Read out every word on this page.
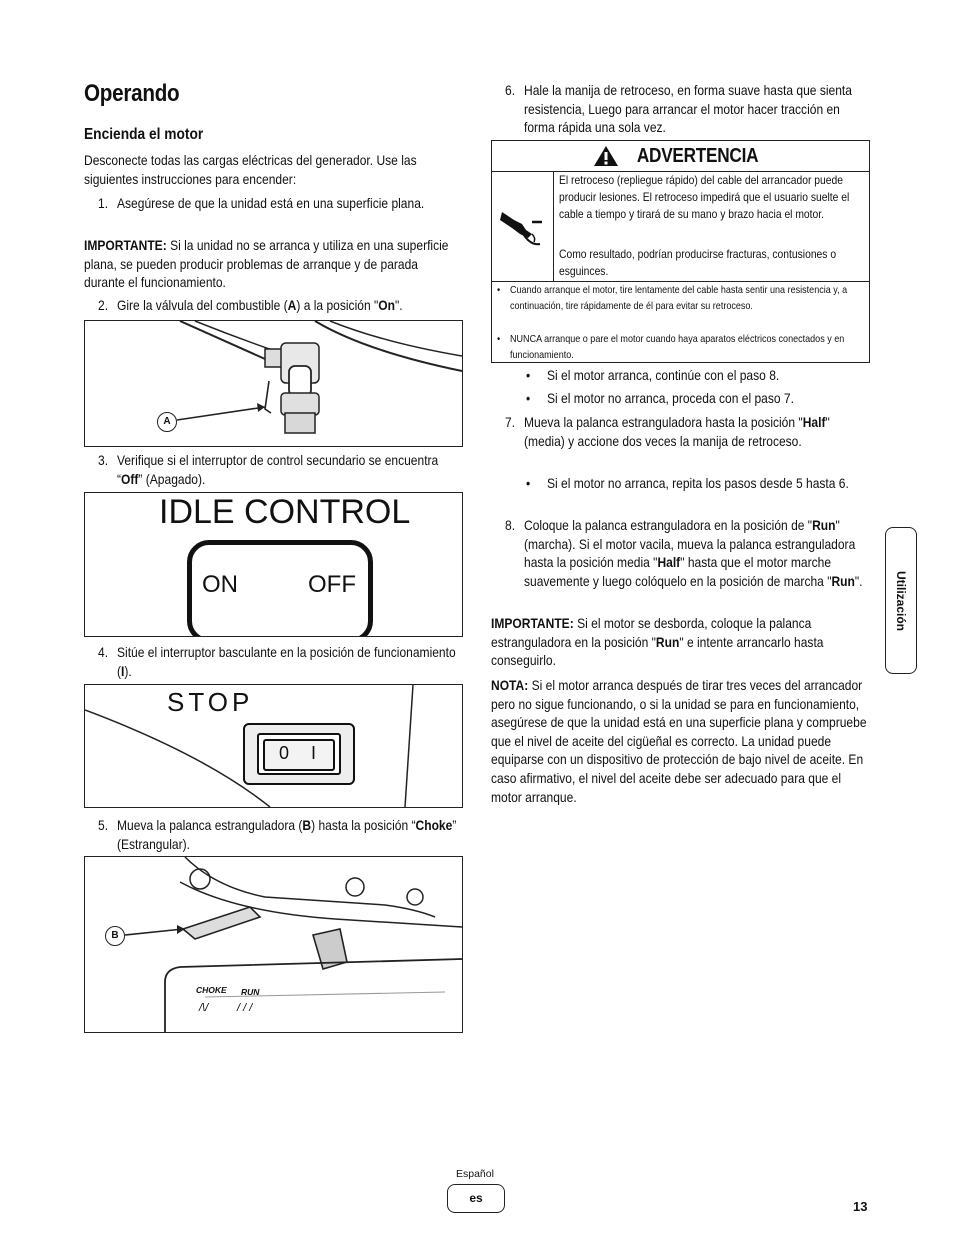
Operando
Encienda el motor
Desconecte todas las cargas eléctricas del generador. Use las siguientes instrucciones para encender:
1. Asegúrese de que la unidad está en una superficie plana.
IMPORTANTE: Si la unidad no se arranca y utiliza en una superficie plana, se pueden producir problemas de arranque y de parada durante el funcionamiento.
2. Gire la válvula del combustible (A) a la posición "On".
A
3. Verifique si el interruptor de control secundario se encuentra “Off” (Apagado).
IDLE CONTROL
ON	OFF
4. Sitúe el interruptor basculante en la posición de funcionamiento (I).
STOP
0 I
5. Mueva la palanca estranguladora (B) hasta la posición “Choke” (Estrangular).
/\/	/ / /
B
CHOKE RUN
6. Hale la manija de retroceso, en forma suave hasta que sienta resistencia, Luego para arrancar el motor hacer tracción en forma rápida una sola vez.
ADVERTENCIA
El retroceso (repliegue rápido) del cable del arrancador puede producir lesiones. El retroceso impedirá que el usuario suelte el cable a tiempo y tirará de su mano y brazo hacia el motor.
Como resultado, podrían producirse fracturas, contusiones o esguinces.
• Cuando arranque el motor, tire lentamente del cable hasta sentir una resistencia y, a continuación, tire rápidamente de él para evitar su retroceso.
• NUNCA arranque o pare el motor cuando haya aparatos eléctricos conectados y en funcionamiento.
• Si el motor arranca, continúe con el paso 8.
• Si el motor no arranca, proceda con el paso 7.
7. Mueva la palanca estranguladora hasta la posición "Half" (media) y accione dos veces la manija de retroceso.
• Si el motor no arranca, repita los pasos desde 5 hasta 6.
8. Coloque la palanca estranguladora en la posición de "Run" (marcha). Si el motor vacila, mueva la palanca estranguladora hasta la posición media "Half" hasta que el motor marche suavemente y luego colóquelo en la posición de marcha "Run".
IMPORTANTE: Si el motor se desborda, coloque la palanca estranguladora en la posición "Run" e intente arrancarlo hasta conseguirlo.
NOTA: Si el motor arranca después de tirar tres veces del arrancador pero no sigue funcionando, o si la unidad se para en funcionamiento, asegúrese de que la unidad está en una superficie plana y compruebe que el nivel de aceite del cigüeñal es correcto. La unidad puede equiparse con un dispositivo de protección de bajo nivel de aceite. En caso afirmativo, el nivel del aceite debe ser adecuado para que el motor arranque.
Utilización
Español
es
13
